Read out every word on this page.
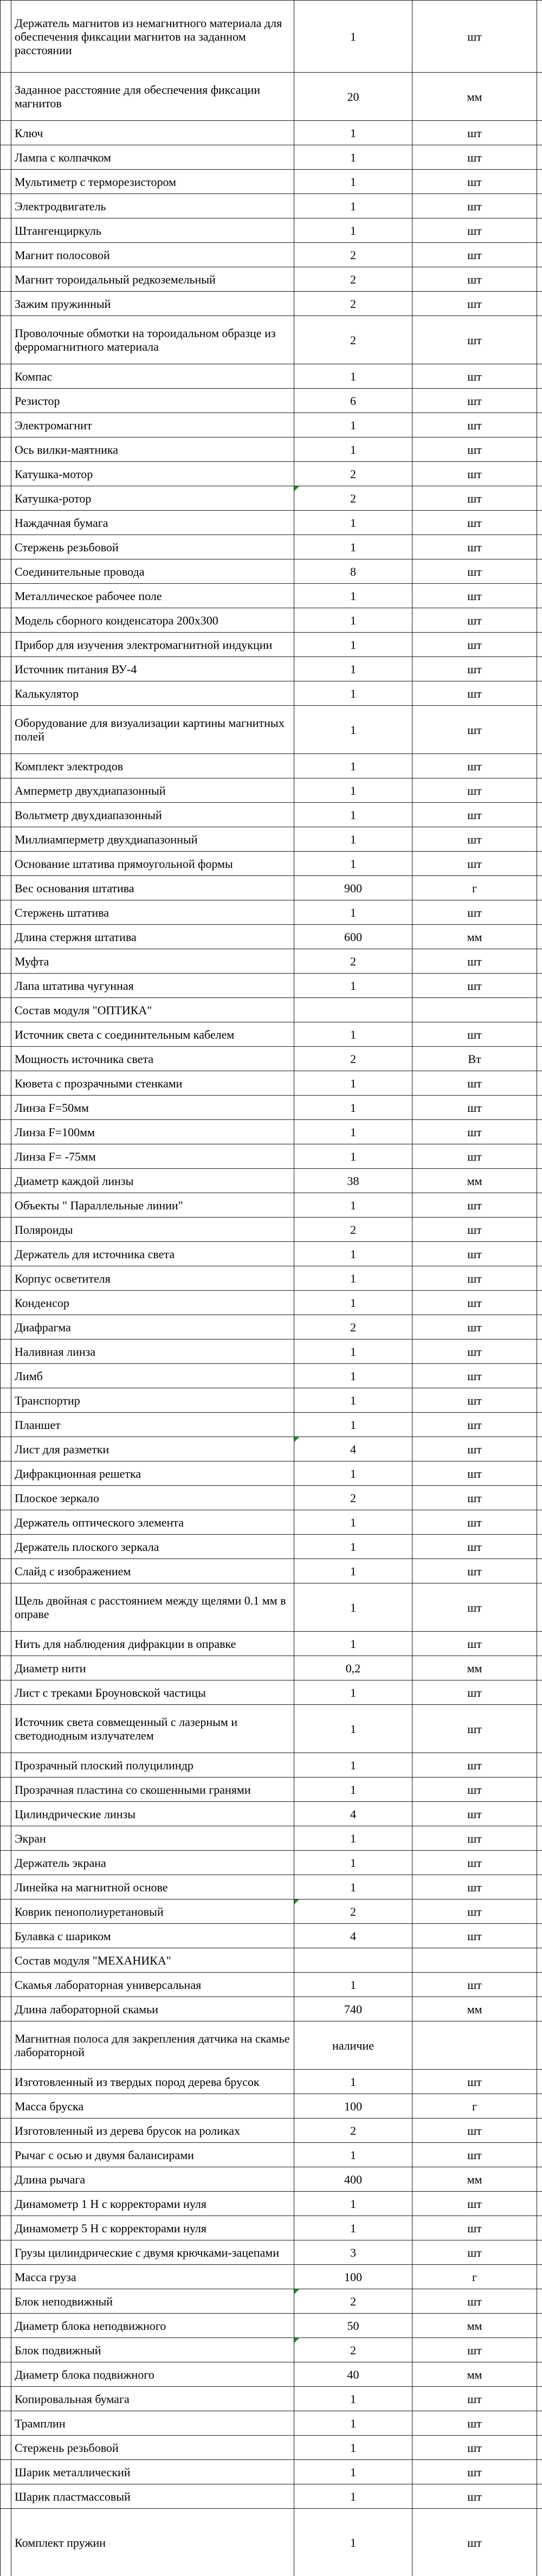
	Держатель магнитов из немагнитного материала для обеспечения фиксации магнитов на заданном расстоянии	1	шт	
	Заданное расстояние для обеспечения фиксации магнитов	20	мм	
	Ключ	1	шт	
	Лампа с колпачком	1	шт	
	Мультиметр с терморезистором	1	шт	
	Электродвигатель	1	шт	
	Штангенциркуль	1	шт	
	Магнит полосовой	2	шт	
	Магнит тороидальный редкоземельный	2	шт	
	Зажим пружинный	2	шт	
	Проволочные обмотки на тороидальном образце из ферромагнитного материала	2	шт	
	Компас	1	шт	
	Резистор	6	шт	
	Электромагнит	1	шт	
	Ось вилки-маятника	1	шт	
	Катушка-мотор	2	шт	
	Катушка-ротор	2	шт	
	Наждачная бумага	1	шт	
	Стержень резьбовой	1	шт	
	Соединительные провода	8	шт	
	Металлическое рабочее поле	1	шт	
	Модель сборного конденсатора 200х300	1	шт	
	Прибор для изучения электромагнитной индукции	1	шт	
	Источник питания ВУ-4	1	шт	
	Калькулятор	1	шт	
	Оборудование для визуализации картины магнитных полей	1	шт	
	Комплект электродов	1	шт	
	Амперметр двухдиапазонный	1	шт	
	Вольтметр двухдиапазонный	1	шт	
	Миллиамперметр двухдиапазонный	1	шт	
	Основание штатива прямоугольной формы	1	шт	
	Вес основания штатива	900	г	
	Стержень штатива	1	шт	
	Длина стержня штатива	600	мм	
	Муфта	2	шт	
	Лапа штатива чугунная	1	шт	
	Состав модуля "ОПТИКА"			
	Источник света с соединительным кабелем	1	шт	
	Мощность источника света	2	Вт	
	Кювета с прозрачными стенками	1	шт	
	Линза F=50мм	1	шт	
	Линза F=100мм	1	шт	
	Линза F= -75мм	1	шт	
	Диаметр каждой линзы	38	мм	
	Объекты " Параллельные линии"	1	шт	
	Поляроиды	2	шт	
	Держатель для источника света	1	шт	
	Корпус осветителя	1	шт	
	Конденсор	1	шт	
	Диафрагма	2	шт	
	Наливная линза	1	шт	
	Лимб	1	шт	
	Транспортир	1	шт	
	Планшет	1	шт	
	Лист для разметки	4	шт	
	Дифракционная решетка	1	шт	
	Плоское зеркало	2	шт	
	Держатель оптического элемента	1	шт	
	Держатель плоского зеркала	1	шт	
	Слайд с изображением	1	шт	
	Щель двойная с расстоянием между щелями 0.1 мм в оправе	1	шт	
	Нить для наблюдения дифракции в оправке	1	шт	
	Диаметр нити	0,2	мм	
	Лист с треками Броуновской частицы	1	шт	
	Источник света совмещенный с лазерным и светодиодным излучателем	1	шт	
	Прозрачный плоский полуцилиндр	1	шт	
	Прозрачная пластина со скошенными гранями	1	шт	
	Цилиндрические линзы	4	шт	
	Экран	1	шт	
	Держатель экрана	1	шт	
	Линейка на магнитной основе	1	шт	
	Коврик пенополиуретановый	2	шт	
	Булавка с шариком	4	шт	
	Состав модуля "МЕХАНИКА"			
	Скамья лабораторная универсальная	1	шт	
	Длина лабораторной скамьи	740	мм	
	Магнитная полоса для закрепления датчика на скамье лабораторной	наличие		
	Изготовленный из твердых пород дерева брусок	1	шт	
	Масса бруска	100	г	
	Изготовленный из дерева брусок на роликах	2	шт	
	Рычаг с осью и двумя балансирами	1	шт	
	Длина рычага	400	мм	
	Динамометр 1 Н с корректорами нуля	1	шт	
	Динамометр 5 Н с корректорами нуля	1	шт	
	Грузы цилиндрические с двумя крючками-зацепами	3	шт	
	Масса груза	100	г	
	Блок неподвижный	2	шт	
	Диаметр блока неподвижного	50	мм	
	Блок подвижный	2	шт	
	Диаметр блока подвижного	40	мм	
	Копировальная бумага	1	шт	
	Трамплин	1	шт	
	Стержень резьбовой	1	шт	
	Шарик металлический	1	шт	
	Шарик пластмассовый	1	шт	
	Комплект пружин	1	шт	
